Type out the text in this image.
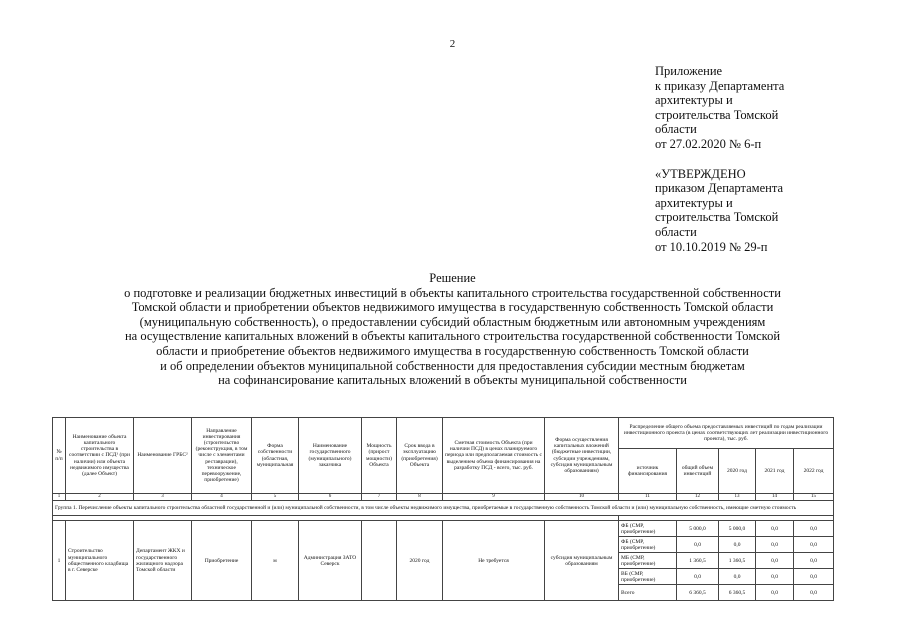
2
Приложение
к приказу Департамента
архитектуры и
строительства Томской
области
от 27.02.2020 № 6-п
«УТВЕРЖДЕНО
приказом Департамента
архитектуры и
строительства Томской
области
от 10.10.2019 № 29-п
Решение
о подготовке и реализации бюджетных инвестиций в объекты капитального строительства государственной собственности
Томской области и приобретении объектов недвижимого имущества в государственную собственность Томской области
(муниципальную собственность), о предоставлении субсидий областным бюджетным или автономным учреждениям
на осуществление капитальных вложений в объекты капитального строительства государственной собственности Томской
области и приобретение объектов недвижимого имущества в государственную собственность Томской области
и об определении объектов муниципальной собственности для предоставления субсидии местным бюджетам
на софинансирование капитальных вложений в объекты муниципальной собственности
№ п/п	Наименование объекта капитального строительства в соответствии с ПСД¹ (при наличии) или объекта недвижимого имущества (далее Объект)	Наименование ГРБС²	Направление инвестирования (строительство (реконструкция, в том числе с элементами реставрации), техническое перевооружение, приобретение)	Форма собственности (областная, муниципальная	Наименование государственного (муниципального) заказчика	Мощность (прирост мощности) Объекта	Срок ввода в эксплуатацию (приобретения) Объекта	Сметная стоимость Объекта (при наличии ПСД) в ценах планируемого периода или предполагаемая стоимость с выделением объема финансирования на разработку ПСД - всего, тыс. руб.	Форма осуществления капитальных вложений (бюджетные инвестиции, субсидии учреждениям, субсидия муниципальным образованиям)	Распределение общего объема предоставляемых инвестиций по годам реализации инвестиционного проекта (в ценах соответствующих лет реализации инвестиционного проекта), тыс. руб.				
										источник финансирования	общий объем инвестиций	2020 год	2021 год	2022 год
1	2	3	4	5	6	7	8	9	10	11	12	13	14	15
Группа 1. Перечисление объекты капитального строительства областной государственной и (или) муниципальной собственности, в том числе объекты недвижимого имущества, приобретаемые в государственную собственность Томской области и (или) муниципальную собственность, имеющие сметную стоимость														

1	Строительство муниципального общественного кладбища в г. Северске	Департамент ЖКХ и государственного жилищного надзора Томской области	Приобретение	м	Администрация ЗАТО Северск		2020 год	Не требуется	субсидия муниципальным образованиям	ФБ (СМР, приобретение)	5 000,0	5 000,0	0,0	0,0
										ФБ (СМР, приобретение)	0,0	0,0	0,0	0,0
										МБ (СМР, приобретение)	1 360,5	1 360,5	0,0	0,0
										ВБ (СМР, приобретение)	0,0	0,0	0,0	0,0
										Всего	6 360,5	6 360,5	0,0	0,0
